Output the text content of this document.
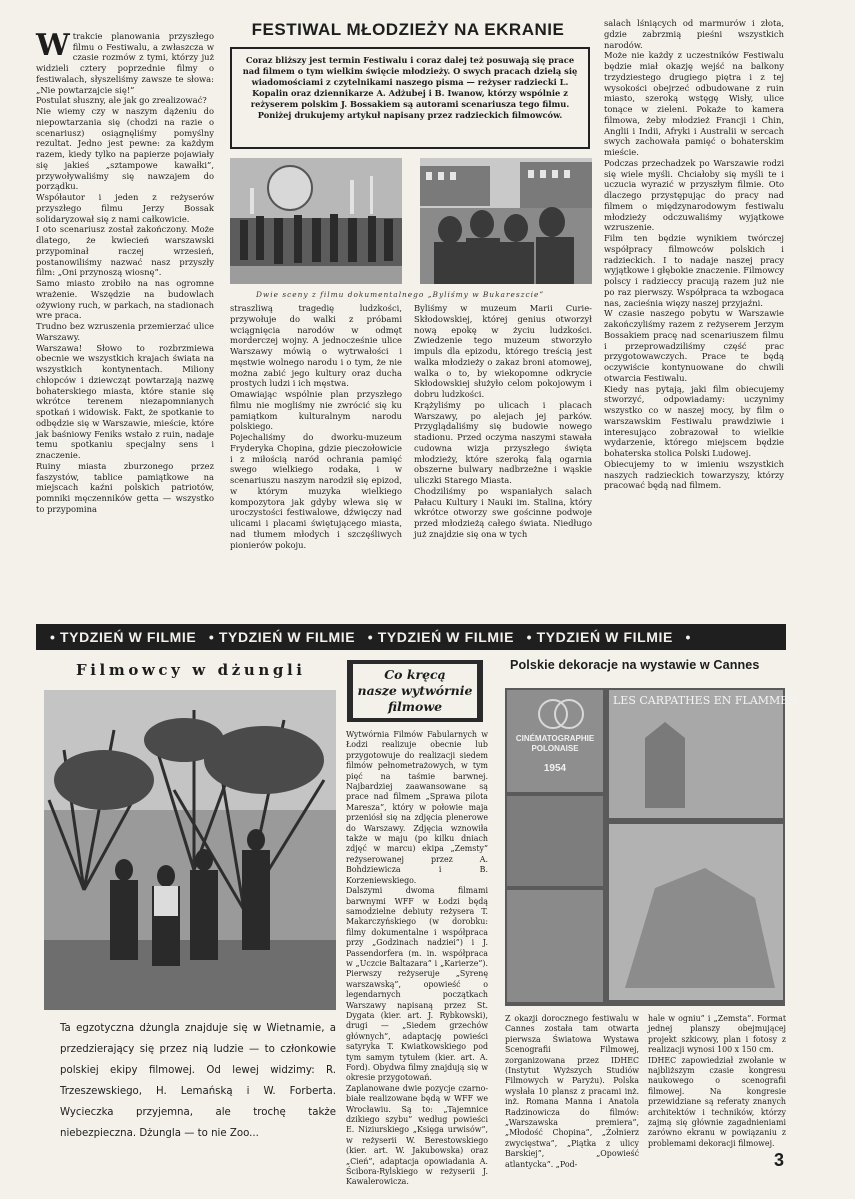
Wtrakcie planowania przyszłego filmu o Festiwalu, a zwłaszcza w czasie rozmów z tymi, którzy już widzieli cztery poprzednie filmy o festiwalach, słyszeliśmy zawsze te słowa: „Nie powtarzajcie się!”
Postulat słuszny, ale jak go zrealizować?
Nie wiemy czy w naszym dążeniu do niepowtarzania się (chodzi na razie o scenariusz) osiągnęliśmy pomyślny rezultat. Jedno jest pewne: za każdym razem, kiedy tylko na papierze pojawiały się jakieś „sztampowe kawałki”, przywoływaliśmy się nawzajem do porządku.
Współautor i jeden z reżyserów przyszłego filmu Jerzy Bossak solidaryzował się z nami całkowicie.
I oto scenariusz został zakończony. Może dlatego, że kwiecień warszawski przypominał raczej wrzesień, postanowiliśmy nazwać nasz przyszły film: „Oni przynoszą wiosnę”.
Samo miasto zrobiło na nas ogromne wrażenie. Wszędzie na budowlach ożywiony ruch, w parkach, na stadionach wre praca.
Trudno bez wzruszenia przemierzać ulice Warszawy.
Warszawa! Słowo to rozbrzmiewa obecnie we wszystkich krajach świata na wszystkich kontynentach. Miliony chłopców i dziewcząt powtarzają nazwę bohaterskiego miasta, które stanie się wkrótce terenem niezapomnianych spotkań i widowisk. Fakt, że spotkanie to odbędzie się w Warszawie, mieście, które jak baśniowy Feniks wstało z ruin, nadaje temu spotkaniu specjalny sens i znaczenie.
Ruiny miasta zburzonego przez faszystów, tablice pamiątkowe na miejscach kaźni polskich patriotów, pomniki męczenników getta — wszystko to przypomina

FESTIWAL MŁODZIEŻY NA EKRANIE
Coraz bliższy jest termin Festiwalu i coraz dalej też posuwają się prace nad filmem o tym wielkim święcie młodzieży. O swych pracach dzielą się wiadomościami z czytelnikami naszego pisma — reżyser radziecki L. Kopalin oraz dziennikarze A. Adżubej i B. Iwanow, którzy wspólnie z reżyserem polskim J. Bossakiem są autorami scenariusza tego filmu. Poniżej drukujemy artykuł napisany przez radzieckich filmowców.
Dwie sceny z filmu dokumentalnego „Byliśmy w Bukareszcie”
straszliwą tragedię ludzkości, przywołuje do walki z próbami wciągnięcia narodów w odmęt morderczej wojny. A jednocześnie ulice Warszawy mówią o wytrwałości i męstwie wolnego narodu i o tym, że nie można zabić jego kultury oraz ducha prostych ludzi i ich męstwa.
Omawiając wspólnie plan przyszłego filmu nie mogliśmy nie zwrócić się ku pamiątkom kulturalnym narodu polskiego.
Pojechaliśmy do dworku-muzeum Fryderyka Chopina, gdzie pieczołowicie i z miłością naród ochrania pamięć swego wielkiego rodaka, i w scenariuszu naszym narodził się epizod, w którym muzyka wielkiego kompozytora jak gdyby wlewa się w uroczystości festiwalowe, dźwięczy nad ulicami i placami świętującego miasta, nad tłumem młodych i szczęśliwych pionierów pokoju.
Byliśmy w muzeum Marii Curie-Skłodowskiej, której genius otworzył nową epokę w życiu ludzkości. Zwiedzenie tego muzeum stworzyło impuls dla epizodu, którego treścią jest walka młodzieży o zakaz broni atomowej, walka o to, by wiekopomne odkrycie Skłodowskiej służyło celom pokojowym i dobru ludzkości.
Krążyliśmy po ulicach i placach Warszawy, po alejach jej parków. Przyglądaliśmy się budowie nowego stadionu. Przed oczyma naszymi stawała cudowna wizja przyszłego święta młodzieży, które szeroką falą ogarnia obszerne bulwary nadbrzeżne i wąskie uliczki Starego Miasta.
Chodziliśmy po wspaniałych salach Pałacu Kultury i Nauki im. Stalina, który wkrótce otworzy swe gościnne podwoje przed młodzieżą całego świata. Niedługo już znajdzie się ona w tych
salach lśniących od marmurów i złota, gdzie zabrzmią pieśni wszystkich narodów.
Może nie każdy z uczestników Festiwalu będzie miał okazję wejść na balkony trzydziestego drugiego piętra i z tej wysokości obejrzeć odbudowane z ruin miasto, szeroką wstęgę Wisły, ulice tonące w zieleni. Pokaże to kamera filmowa, żeby młodzież Francji i Chin, Anglii i Indii, Afryki i Australii w sercach swych zachowała pamięć o bohaterskim mieście.
Podczas przechadzek po Warszawie rodzi się wiele myśli. Chciałoby się myśli te i uczucia wyrazić w przyszłym filmie. Oto dlaczego przystępując do pracy nad filmem o międzynarodowym festiwalu młodzieży odczuwaliśmy wyjątkowe wzruszenie.
Film ten będzie wynikiem twórczej współpracy filmowców polskich i radzieckich. I to nadaje naszej pracy wyjątkowe i głębokie znaczenie. Filmowcy polscy i radzieccy pracują razem już nie po raz pierwszy. Współpraca ta wzbogaca nas, zacieśnia więzy naszej przyjaźni.
W czasie naszego pobytu w Warszawie zakończyliśmy razem z reżyserem Jerzym Bossakiem pracę nad scenariuszem filmu i przeprowadziliśmy część prac przygotowawczych. Prace te będą oczywiście kontynuowane do chwili otwarcia Festiwalu.
Kiedy nas pytają, jaki film obiecujemy stworzyć, odpowiadamy: uczynimy wszystko co w naszej mocy, by film o warszawskim Festiwalu prawdziwie i interesująco zobrazował to wielkie wydarzenie, którego miejscem będzie bohaterska stolica Polski Ludowej.
Obiecujemy to w imieniu wszystkich naszych radzieckich towarzyszy, którzy pracować będą nad filmem.
• TYDZIEŃ W FILMIE • TYDZIEŃ W FILMIE • TYDZIEŃ W FILMIE • TYDZIEŃ W FILMIE •
Filmowcy w dżungli
Ta egzotyczna dżungla znajduje się w Wietnamie, a przedzierający się przez nią ludzie — to członkowie polskiej ekipy filmowej. Od lewej widzimy: R. Trzeszewskiego, H. Lemańską i W. Forberta. Wycieczka przyjemna, ale trochę także niebezpieczna. Dżungla — to nie Zoo...
Co kręcą
nasze wytwórnie
filmowe
Wytwórnia Filmów Fabularnych w Łodzi realizuje obecnie lub przygotowuje do realizacji siedem filmów pełnometrażowych, w tym pięć na taśmie barwnej. Najbardziej zaawansowane są prace nad filmem „Sprawa pilota Maresza”, który w połowie maja przeniósł się na zdjęcia plenerowe do Warszawy. Zdjęcia wznowiła także w maju (po kilku dniach zdjęć w marcu) ekipa „Zemsty” reżyserowanej przez A. Bohdziewicza i B. Korzeniewskiego.
Dalszymi dwoma filmami barwnymi WFF w Łodzi będą samodzielne debiuty reżysera T. Makarczyńskiego (w dorobku: filmy dokumentalne i współpraca przy „Godzinach nadziei”) i J. Passendorfera (m. in. współpraca w „Uczcie Baltazara” i „Karierze”). Pierwszy reżyseruje „Syrenę warszawską”, opowieść o legendarnych początkach Warszawy napisaną przez St. Dygata (kier. art. J. Rybkowski), drugi — „Siedem grzechów głównych”, adaptację powieści satyryka T. Kwiatkowskiego pod tym samym tytułem (kier. art. A. Ford). Obydwa filmy znajdują się w okresie przygotowań.
Zaplanowane dwie pozycje czarno-białe realizowane będą w WFF we Wrocławiu. Są to: „Tajemnice dzikiego szybu” według powieści E. Niziurskiego „Księga urwisów”, w reżyserii W. Berestowskiego (kier. art. W. Jakubowska) oraz „Cień”, adaptacja opowiadania A. Ścibora-Rylskiego w reżyserii J. Kawalerowicza.
Polskie dekoracje na wystawie w Cannes
CINÉMATOGRAPHIE
POLONAISE
1954
LES CARPATHES EN FLAMMES
Z okazji dorocznego festiwalu w Cannes została tam otwarta pierwsza Światowa Wystawa Scenografii Filmowej, zorganizowana przez IDHEC (Instytut Wyższych Studiów Filmowych w Paryżu). Polska wysłała 10 plansz z pracami inż. inż. Romana Manna i Anatola Radzinowicza do filmów: „Warszawska premiera”, „Młodość Chopina”, „Żołnierz zwycięstwa”, „Piątka z ulicy Barskiej”, „Opowieść atlantycka”. „Pod-
hale w ogniu” i „Zemsta”. Format jednej planszy obejmującej projekt szkicowy, plan i fotosy z realizacji wynosi 100 x 150 cm.
IDHEC zapowiedział zwołanie w najbliższym czasie kongresu naukowego o scenografii filmowej. Na kongresie przewidziane są referaty znanych architektów i techników, którzy zajmą się głównie zagadnieniami zarówno ekranu w powiązaniu z problemami dekoracji filmowej.
3
